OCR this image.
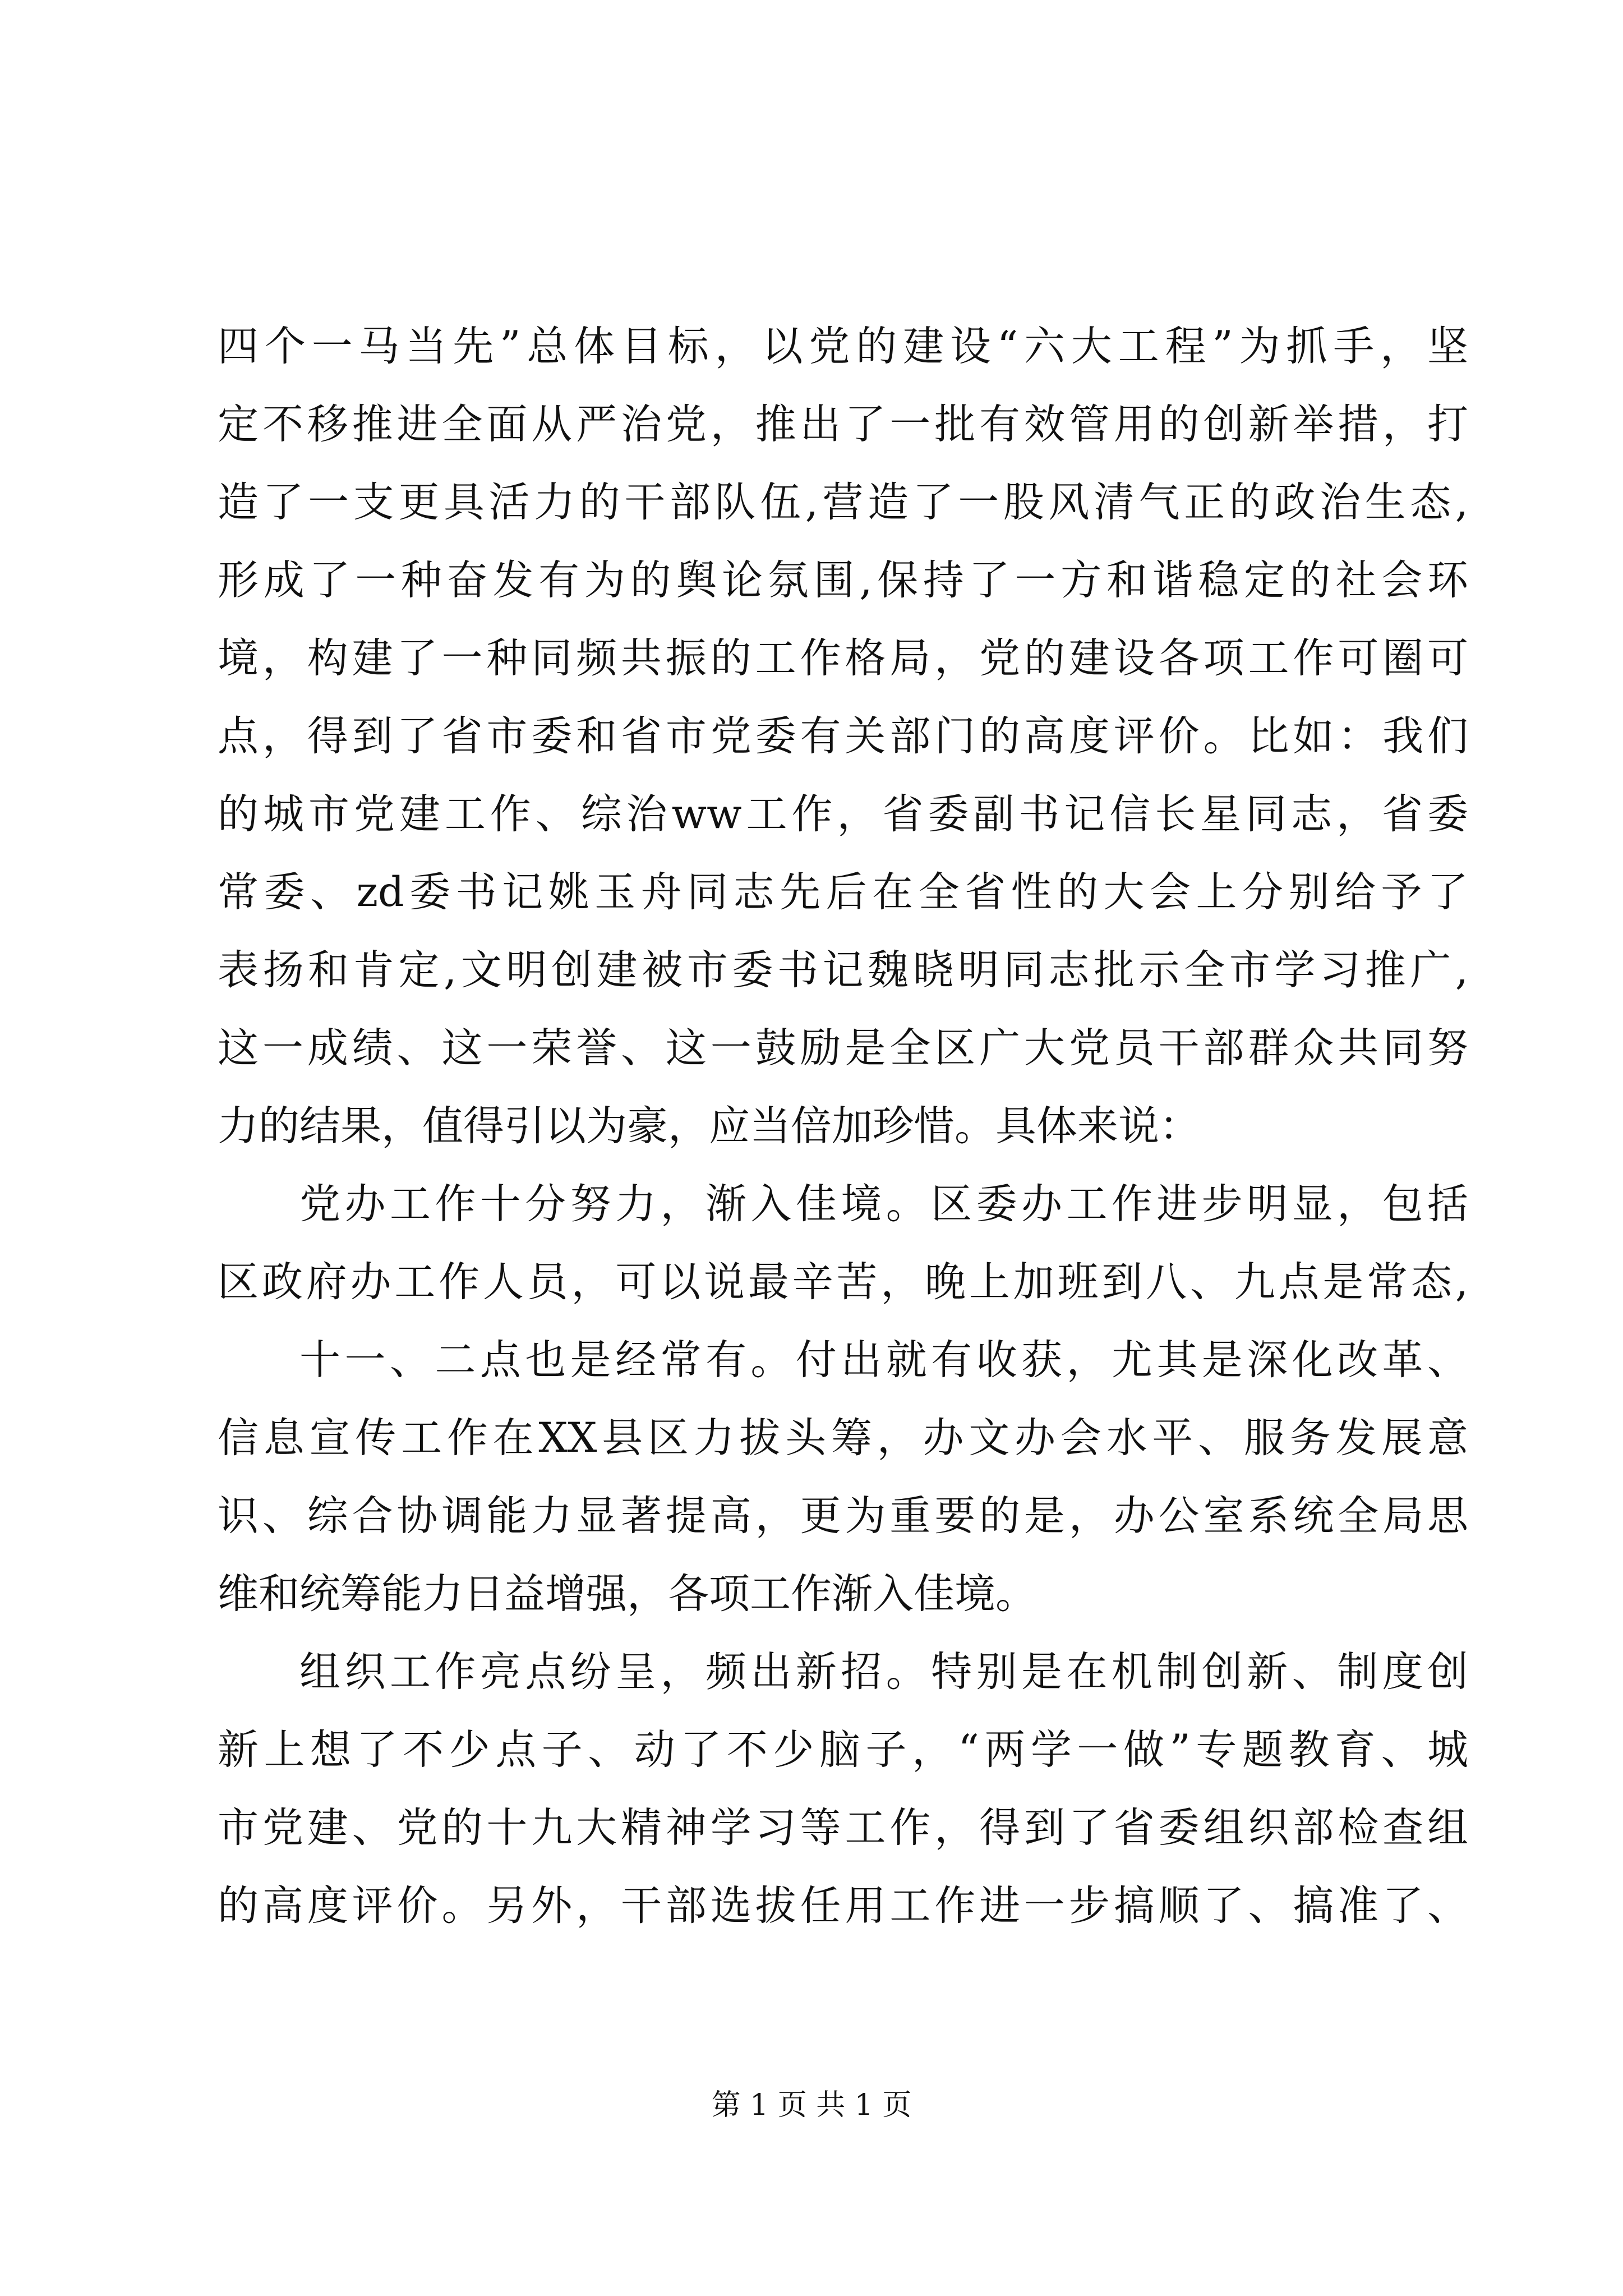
四个一马当先”总体目标，以党的建设“六大工程”为抓手，坚
定不移推进全面从严治党，推出了一批有效管用的创新举措，打
造了一支更具活力的干部队伍,营造了一股风清气正的政治生态,
形成了一种奋发有为的舆论氛围,保持了一方和谐稳定的社会环
境，构建了一种同频共振的工作格局，党的建设各项工作可圈可
点，得到了省市委和省市党委有关部门的高度评价。比如：我们
的城市党建工作、综治ww工作，省委副书记信长星同志，省委
常委、zd委书记姚玉舟同志先后在全省性的大会上分别给予了
表扬和肯定,文明创建被市委书记魏晓明同志批示全市学习推广,
这一成绩、这一荣誉、这一鼓励是全区广大党员干部群众共同努
力的结果，值得引以为豪，应当倍加珍惜。具体来说：
党办工作十分努力，渐入佳境。区委办工作进步明显，包括
区政府办工作人员，可以说最辛苦，晚上加班到八、九点是常态,
十一、二点也是经常有。付出就有收获，尤其是深化改革、
信息宣传工作在XX县区力拔头筹，办文办会水平、服务发展意
识、综合协调能力显著提高，更为重要的是，办公室系统全局思
维和统筹能力日益增强，各项工作渐入佳境。
组织工作亮点纷呈，频出新招。特别是在机制创新、制度创
新上想了不少点子、动了不少脑子，“两学一做”专题教育、城
市党建、党的十九大精神学习等工作，得到了省委组织部检查组
的高度评价。另外，干部选拔任用工作进一步搞顺了、搞准了、
第 1 页 共 1 页
